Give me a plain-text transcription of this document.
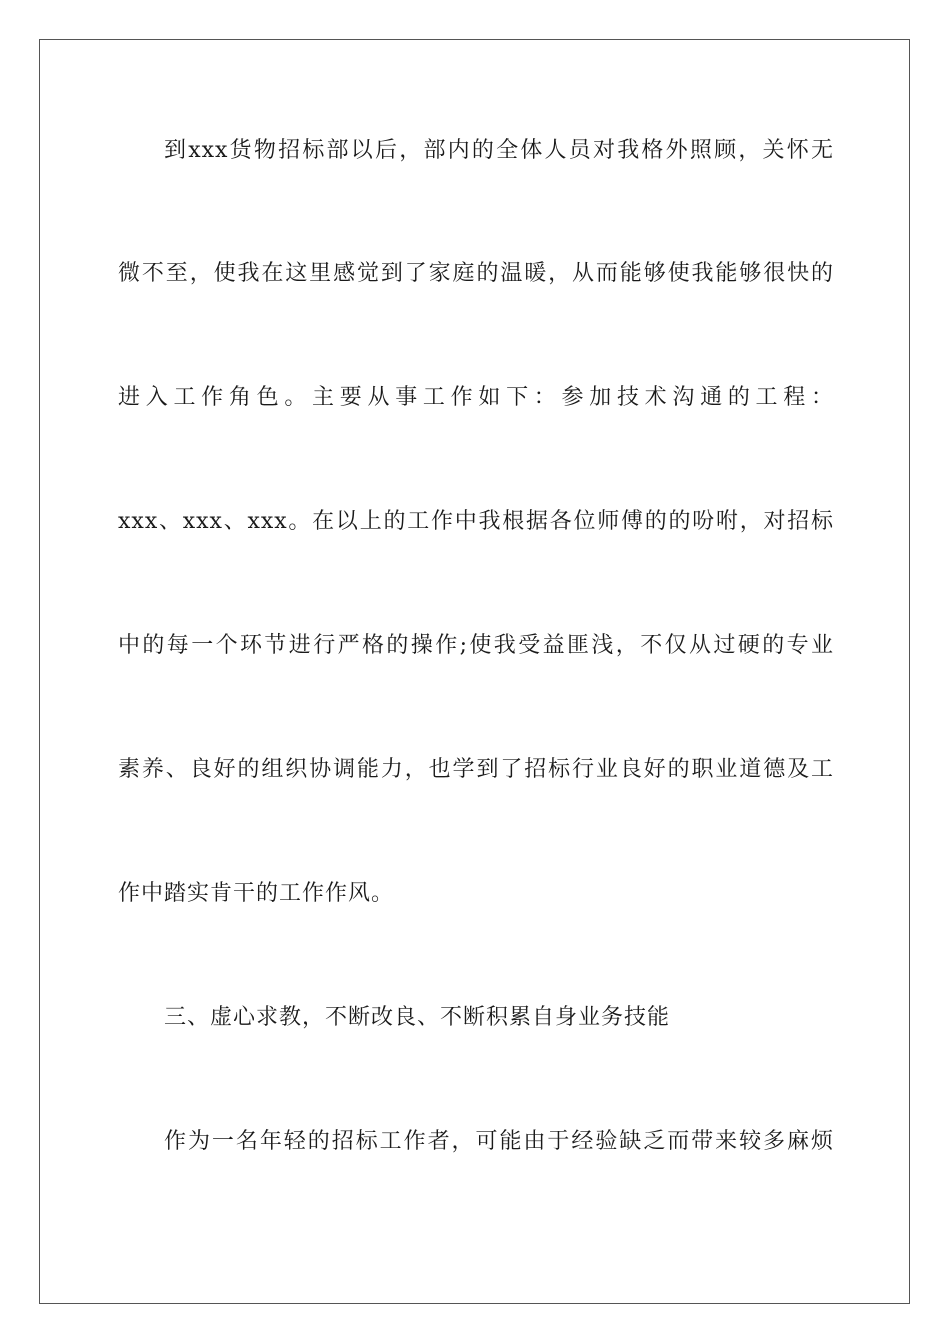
到xxx货物招标部以后，部内的全体人员对我格外照顾，关怀无
微不至，使我在这里感觉到了家庭的温暖，从而能够使我能够很快的
进入工作角色。主要从事工作如下：参加技术沟通的工程：
xxx、xxx、xxx。在以上的工作中我根据各位师傅的的吩咐，对招标
中的每一个环节进行严格的操作;使我受益匪浅，不仅从过硬的专业
素养、良好的组织协调能力，也学到了招标行业良好的职业道德及工
作中踏实肯干的工作作风。
三、虚心求教，不断改良、不断积累自身业务技能
作为一名年轻的招标工作者，可能由于经验缺乏而带来较多麻烦
